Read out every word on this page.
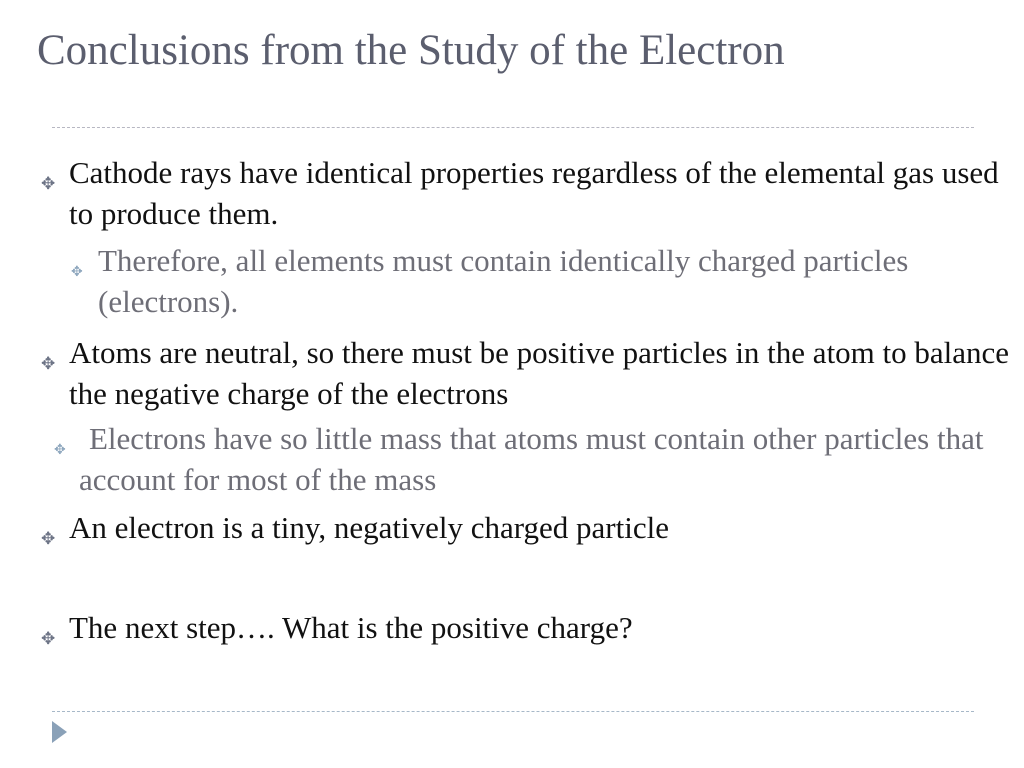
Conclusions from the Study of the Electron

✥ Cathode rays have identical properties regardless of the elemental gas used to produce them.

✥ Therefore, all elements must contain identically charged particles (electrons).

✥ Atoms are neutral, so there must be positive particles in the atom to balance the negative charge of the electrons

✥ Electrons have so little mass that atoms must contain other particles that account for most of the mass

✥ An electron is a tiny, negatively charged particle

✥ The next step…. What is the positive charge?
